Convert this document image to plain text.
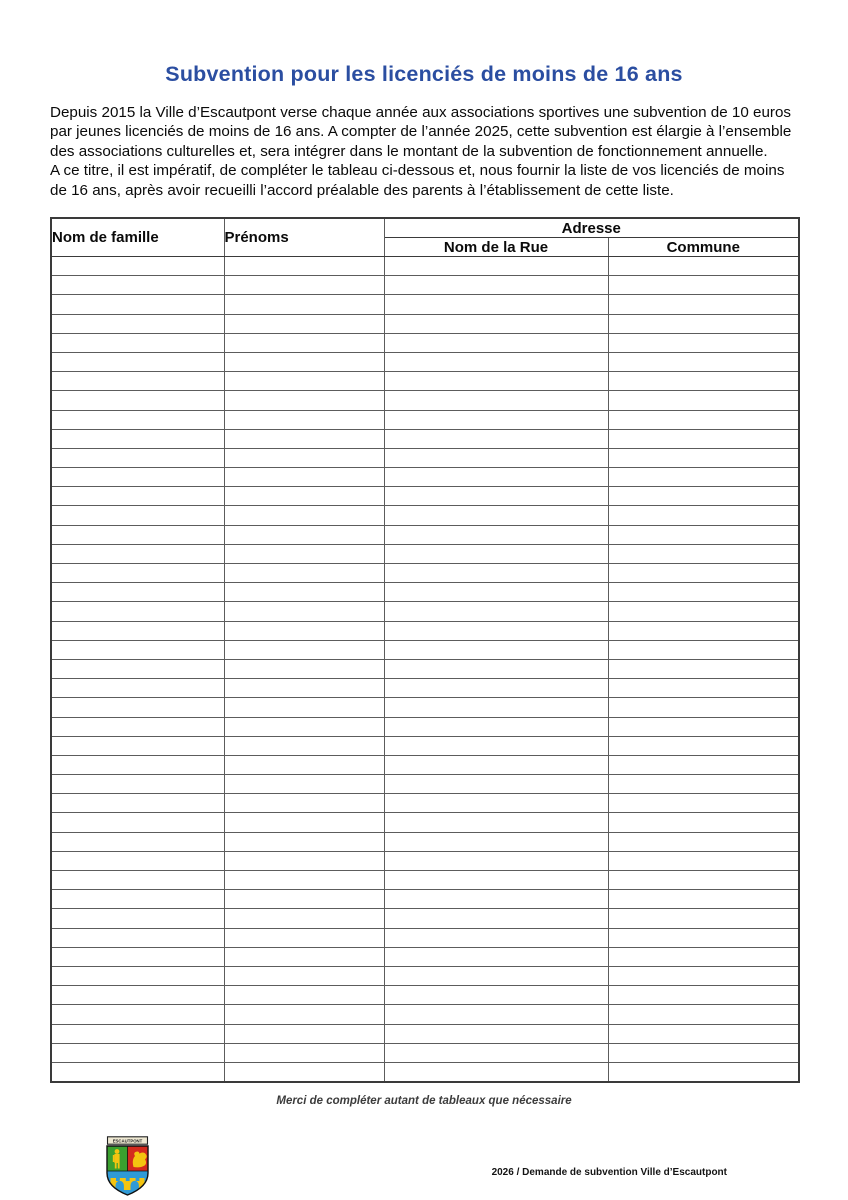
Subvention pour les licenciés de moins de 16 ans
Depuis 2015 la Ville d’Escautpont verse chaque année aux associations sportives une subvention de 10 euros
par jeunes licenciés de moins de 16 ans. A compter de l’année 2025, cette subvention est élargie à l’ensemble
des associations culturelles et, sera intégrer dans le montant de la subvention de fonctionnement annuelle.
A ce titre, il est impératif, de compléter le tableau ci-dessous et, nous fournir la liste de vos licenciés de moins
de 16 ans, après avoir recueilli l’accord préalable des parents à l’établissement de cette liste.
Nom de famille	Prénoms	Adresse	
		Nom de la Rue	Commune

Merci de compléter autant de tableaux que nécessaire
ESCAUTPONT
2026 / Demande de subvention Ville d’Escautpont
